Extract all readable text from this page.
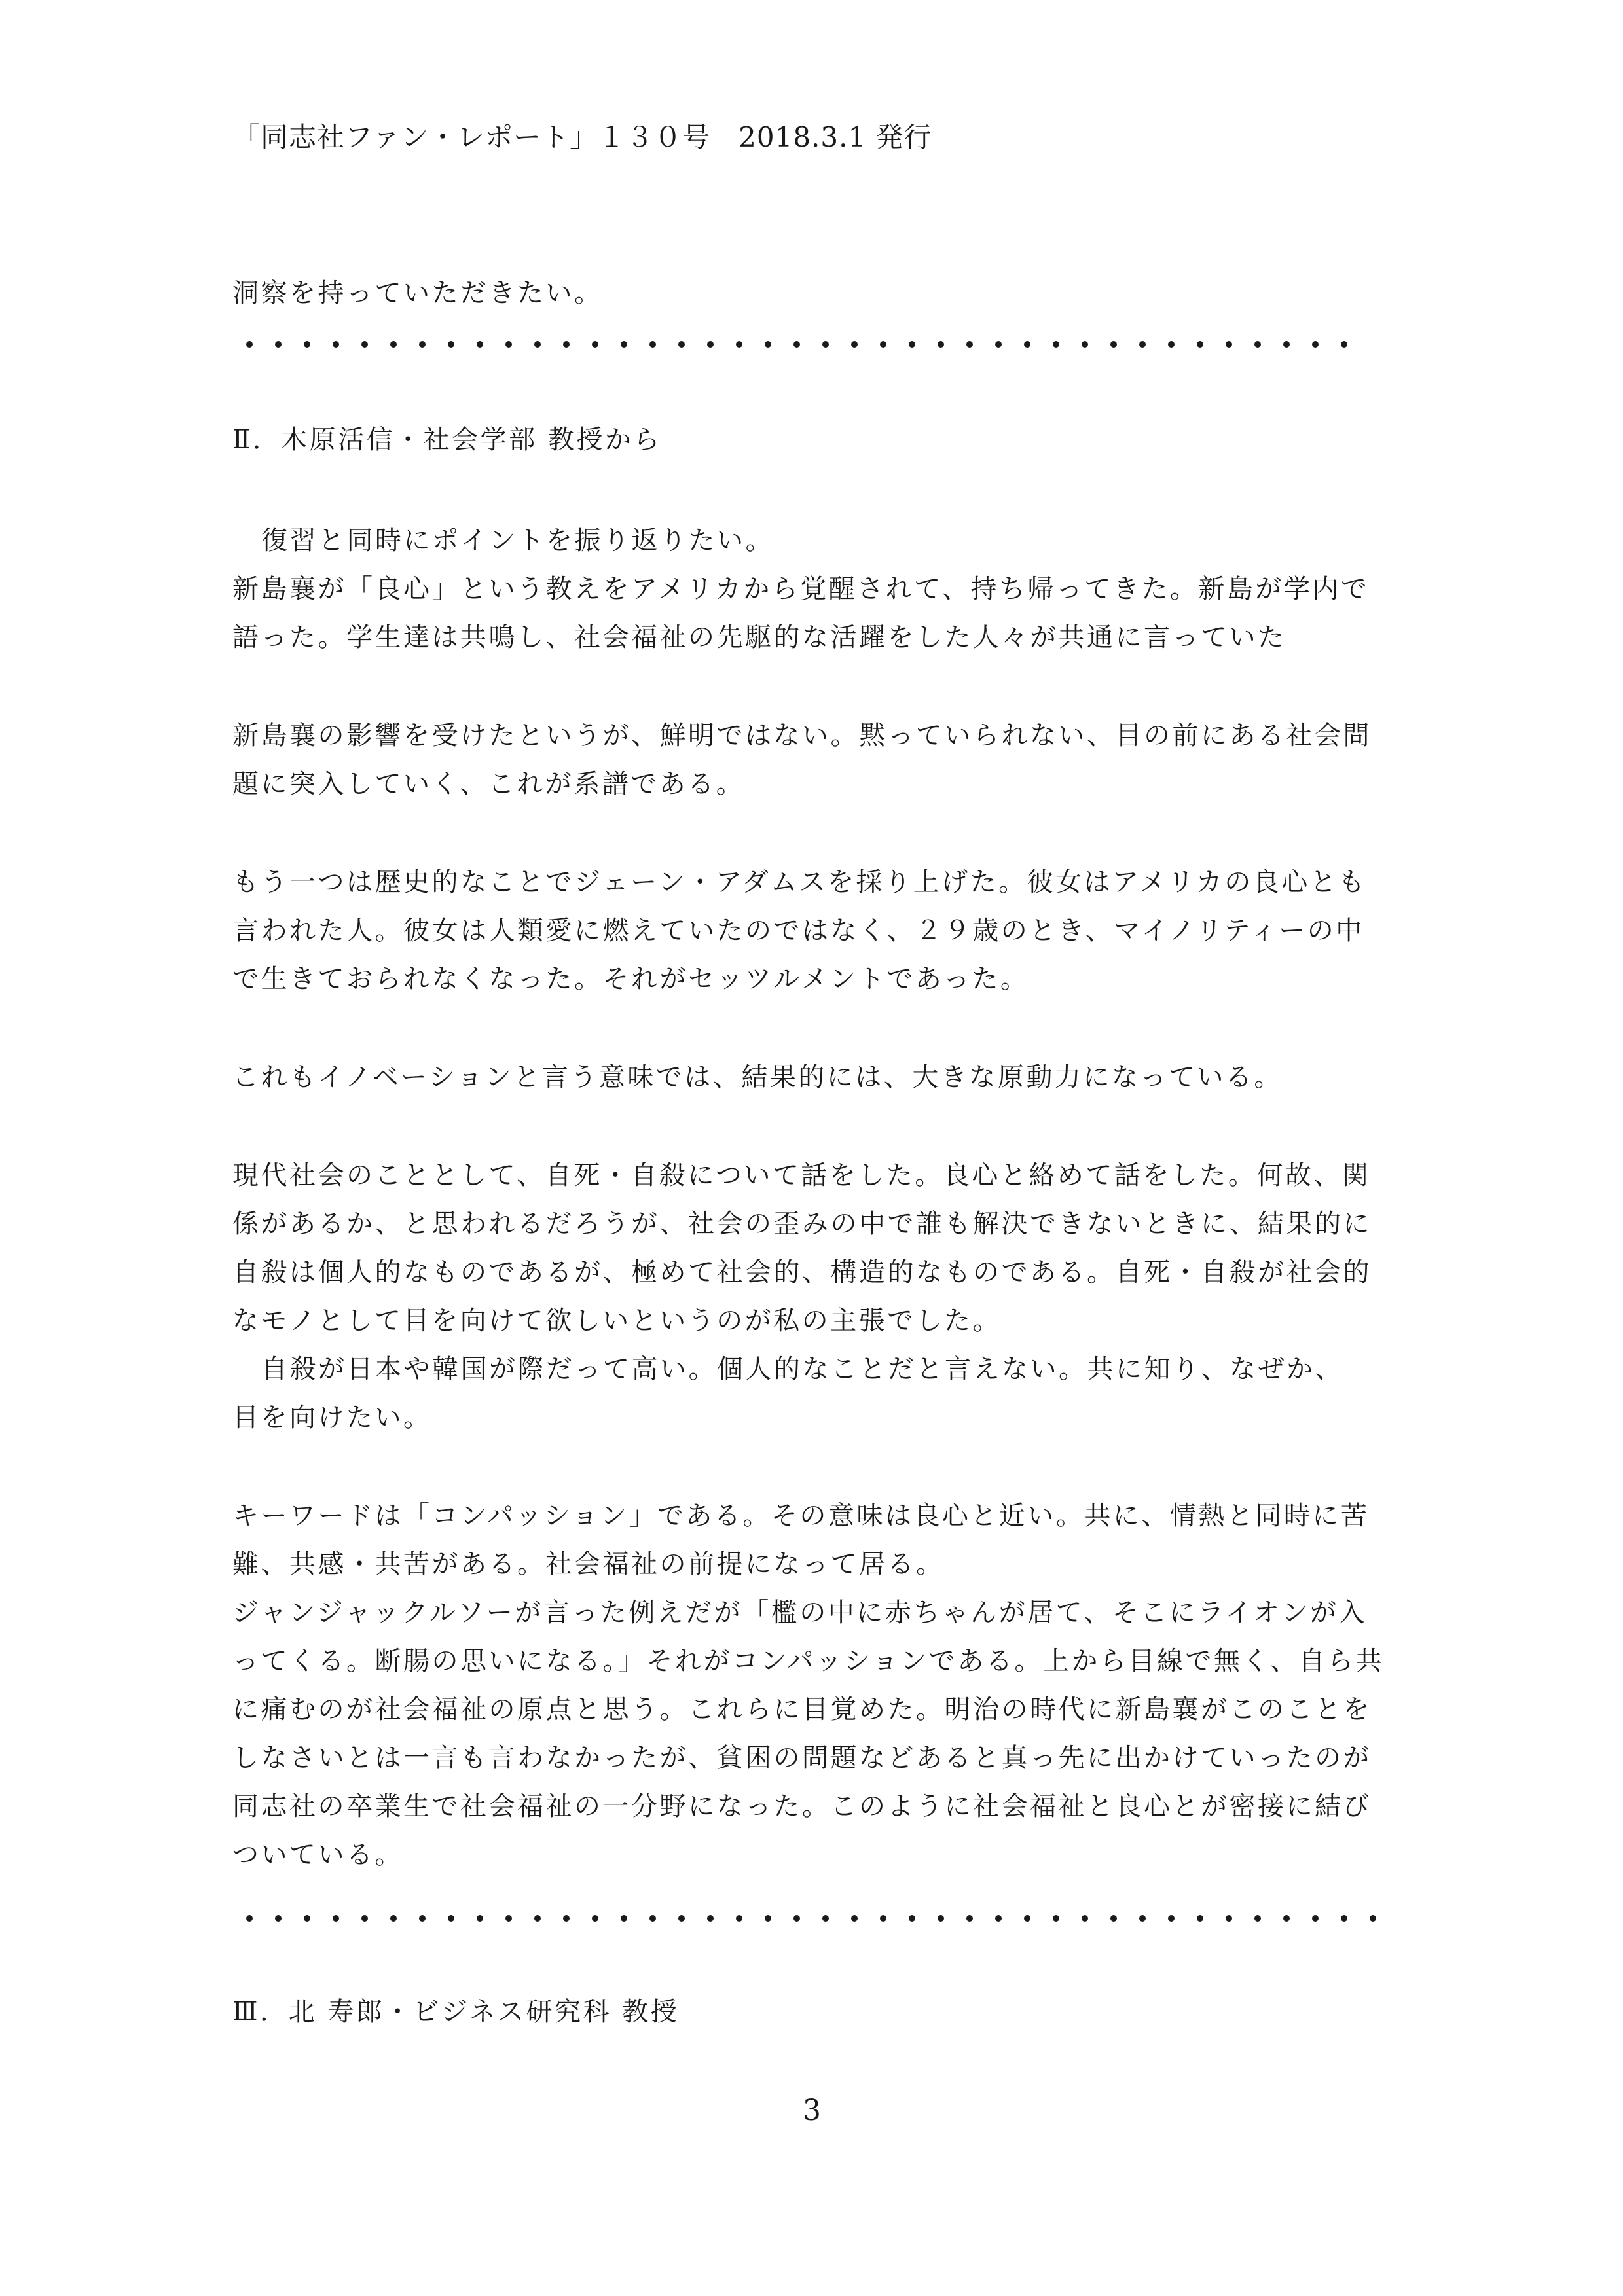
「同志社ファン・レポート」１３０号　2018.3.1 発行
洞察を持っていただきたい。
Ⅱ．木原活信・社会学部 教授から
復習と同時にポイントを振り返りたい。
新島襄が「良心」という教えをアメリカから覚醒されて、持ち帰ってきた。新島が学内で
語った。学生達は共鳴し、社会福祉の先駆的な活躍をした人々が共通に言っていた
新島襄の影響を受けたというが、鮮明ではない。黙っていられない、目の前にある社会問
題に突入していく、これが系譜である。
もう一つは歴史的なことでジェーン・アダムスを採り上げた。彼女はアメリカの良心とも
言われた人。彼女は人類愛に燃えていたのではなく、２９歳のとき、マイノリティーの中
で生きておられなくなった。それがセッツルメントであった。
これもイノベーションと言う意味では、結果的には、大きな原動力になっている。
現代社会のこととして、自死・自殺について話をした。良心と絡めて話をした。何故、関
係があるか、と思われるだろうが、社会の歪みの中で誰も解決できないときに、結果的に
自殺は個人的なものであるが、極めて社会的、構造的なものである。自死・自殺が社会的
なモノとして目を向けて欲しいというのが私の主張でした。
自殺が日本や韓国が際だって高い。個人的なことだと言えない。共に知り、なぜか、
目を向けたい。
キーワードは「コンパッション」である。その意味は良心と近い。共に、情熱と同時に苦
難、共感・共苦がある。社会福祉の前提になって居る。
ジャンジャックルソーが言った例えだが「檻の中に赤ちゃんが居て、そこにライオンが入
ってくる。断腸の思いになる。」それがコンパッションである。上から目線で無く、自ら共
に痛むのが社会福祉の原点と思う。これらに目覚めた。明治の時代に新島襄がこのことを
しなさいとは一言も言わなかったが、貧困の問題などあると真っ先に出かけていったのが
同志社の卒業生で社会福祉の一分野になった。このように社会福祉と良心とが密接に結び
ついている。
Ⅲ．北 寿郎・ビジネス研究科 教授
3
